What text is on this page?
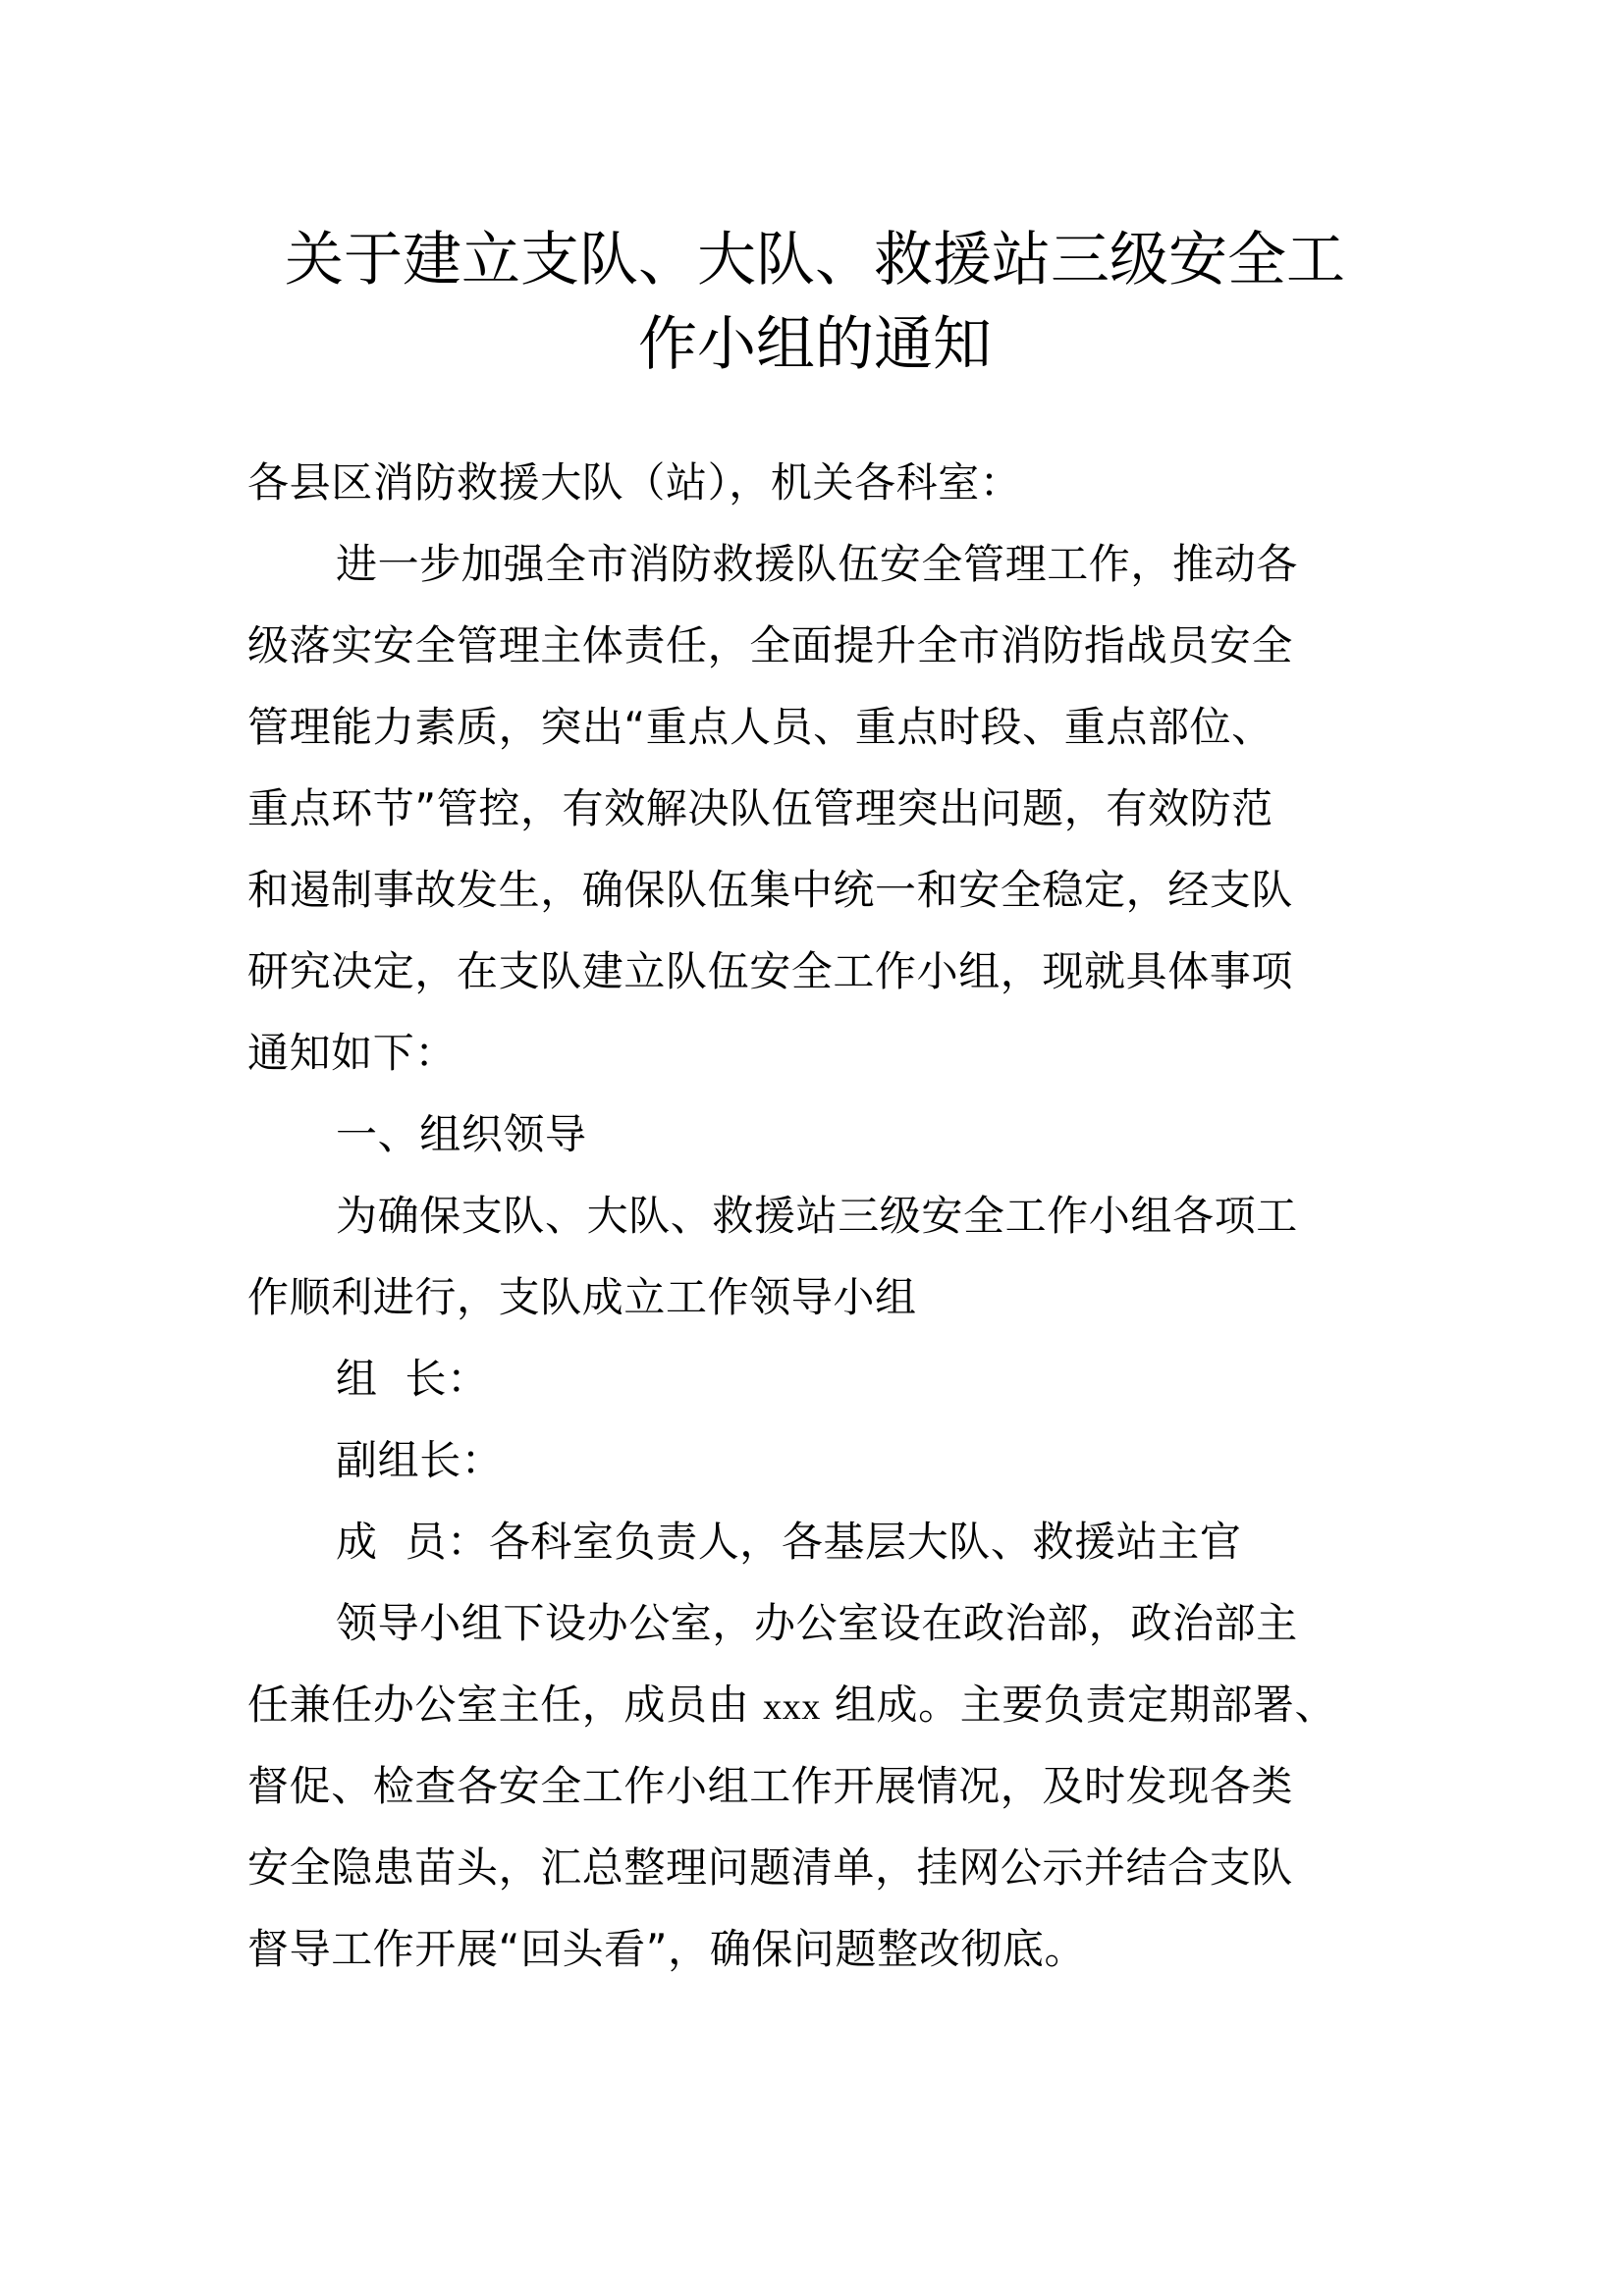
关于建立支队、大队、救援站三级安全工
作小组的通知
各县区消防救援大队（站），机关各科室：
进一步加强全市消防救援队伍安全管理工作，推动各
级落实安全管理主体责任，全面提升全市消防指战员安全
管理能力素质，突出“重点人员、重点时段、重点部位、
重点环节”管控，有效解决队伍管理突出问题，有效防范
和遏制事故发生，确保队伍集中统一和安全稳定，经支队
研究决定，在支队建立队伍安全工作小组，现就具体事项
通知如下：
一、组织领导
为确保支队、大队、救援站三级安全工作小组各项工
作顺利进行，支队成立工作领导小组
组  长：
副组长：
成  员：各科室负责人，各基层大队、救援站主官
领导小组下设办公室，办公室设在政治部，政治部主
任兼任办公室主任，成员由 xxx 组成。主要负责定期部署、
督促、检查各安全工作小组工作开展情况，及时发现各类
安全隐患苗头，汇总整理问题清单，挂网公示并结合支队
督导工作开展“回头看”，确保问题整改彻底。
